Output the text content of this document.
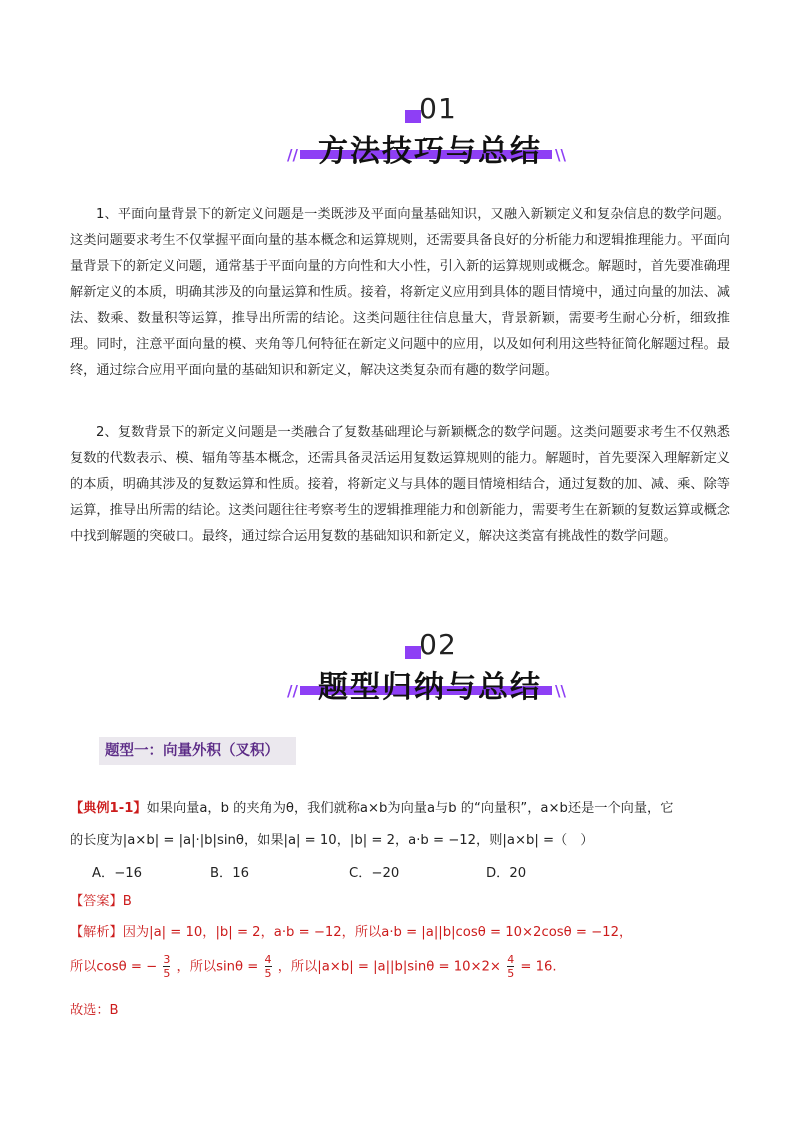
01
方法技巧与总结
//	\\

1、平面向量背景下的新定义问题是一类既涉及平面向量基础知识，又融入新颖定义和复杂信息的数学问题。这类问题要求考生不仅掌握平面向量的基本概念和运算规则，还需要具备良好的分析能力和逻辑推理能力。平面向量背景下的新定义问题，通常基于平面向量的方向性和大小性，引入新的运算规则或概念。解题时，首先要准确理解新定义的本质，明确其涉及的向量运算和性质。接着，将新定义应用到具体的题目情境中，通过向量的加法、减法、数乘、数量积等运算，推导出所需的结论。这类问题往往信息量大，背景新颖，需要考生耐心分析，细致推理。同时，注意平面向量的模、夹角等几何特征在新定义问题中的应用，以及如何利用这些特征简化解题过程。最终，通过综合应用平面向量的基础知识和新定义，解决这类复杂而有趣的数学问题。

2、复数背景下的新定义问题是一类融合了复数基础理论与新颖概念的数学问题。这类问题要求考生不仅熟悉复数的代数表示、模、辐角等基本概念，还需具备灵活运用复数运算规则的能力。解题时，首先要深入理解新定义的本质，明确其涉及的复数运算和性质。接着，将新定义与具体的题目情境相结合，通过复数的加、减、乘、除等运算，推导出所需的结论。这类问题往往考察考生的逻辑推理能力和创新能力，需要考生在新颖的复数运算或概念中找到解题的突破口。最终，通过综合运用复数的基础知识和新定义，解决这类富有挑战性的数学问题。

02
题型归纳与总结
//	\\
题型一：向量外积（叉积）
【典例1-1】如果向量a，b 的夹角为θ，我们就称a×b为向量a与b 的“向量积”，a×b还是一个向量，它
的长度为|a×b| = |a|·|b|sinθ，如果|a| = 10，|b| = 2，a·b = −12，则|a×b| =（　）
A．−16	B．16	C．−20	D．20
【答案】B
【解析】因为|a| = 10，|b| = 2，a·b = −12，所以a·b = |a||b|cosθ = 10×2cosθ = −12，
所以cosθ = − $\frac{3}{5}$ ，所以$\sin\theta = \frac{4}{5}$ ，所以$|a\times b| = |a||b|\sin\theta = 10\times 2\times \frac{4}{5} = 16$.
故选：B
